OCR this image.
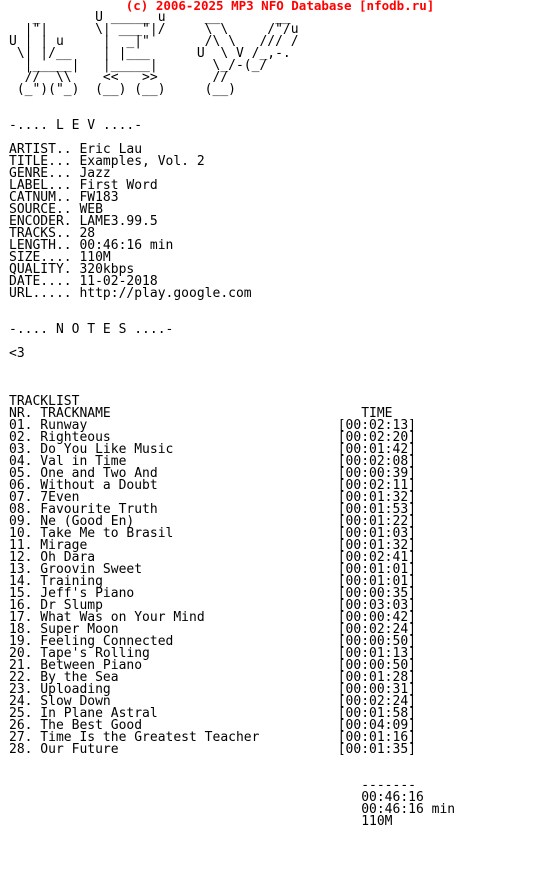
(c) 2006-2025 MP3 NFO Database [nfodb.ru]
_       U _____ u     __       __
|"|      \| ___"|/     \ \     /"/u
U | | u     |  _|"       /\ \   /// /
\| |/__    | |___      U  \ V /_,-.
|_____|   |_____|       \_/-(_/
//  \\    <<   >>       //
(_")("_)  (__) (__)     (__)
-.... L E V ....-
ARTIST.. Eric Lau
TITLE... Examples, Vol. 2
GENRE... Jazz
LABEL... First Word
CATNUM.. FW183
SOURCE.. WEB
ENCODER. LAME3.99.5
TRACKS.. 28
LENGTH.. 00:46:16 min
SIZE.... 110M
QUALITY. 320kbps
DATE.... 11-02-2018
URL..... http://play.google.com
-.... N O T E S ....-
<3
TRACKLIST
NR. TRACKNAME                                TIME
01. Runway                                [00:02:13]
02. Righteous                             [00:02:20]
03. Do You Like Music                     [00:01:42]
04. Val in Time                           [00:02:08]
05. One and Two And                       [00:00:39]
06. Without a Doubt                       [00:02:11]
07. 7Even                                 [00:01:32]
08. Favourite Truth                       [00:01:53]
09. Ne (Good En)                          [00:01:22]
10. Take Me to Brasil                     [00:01:03]
11. Mirage                                [00:01:32]
12. Oh Dara                               [00:02:41]
13. Groovin Sweet                         [00:01:01]
14. Training                              [00:01:01]
15. Jeff's Piano                          [00:00:35]
16. Dr Slump                              [00:03:03]
17. What Was on Your Mind                 [00:00:42]
18. Super Moon                            [00:02:24]
19. Feeling Connected                     [00:00:50]
20. Tape's Rolling                        [00:01:13]
21. Between Piano                         [00:00:50]
22. By the Sea                            [00:01:28]
23. Uploading                             [00:00:31]
24. Slow Down                             [00:02:24]
25. In Plane Astral                       [00:01:58]
26. The Best Good                         [00:04:09]
27. Time Is the Greatest Teacher          [00:01:16]
28. Our Future                            [00:01:35]
-------
00:46:16
00:46:16 min
110M
